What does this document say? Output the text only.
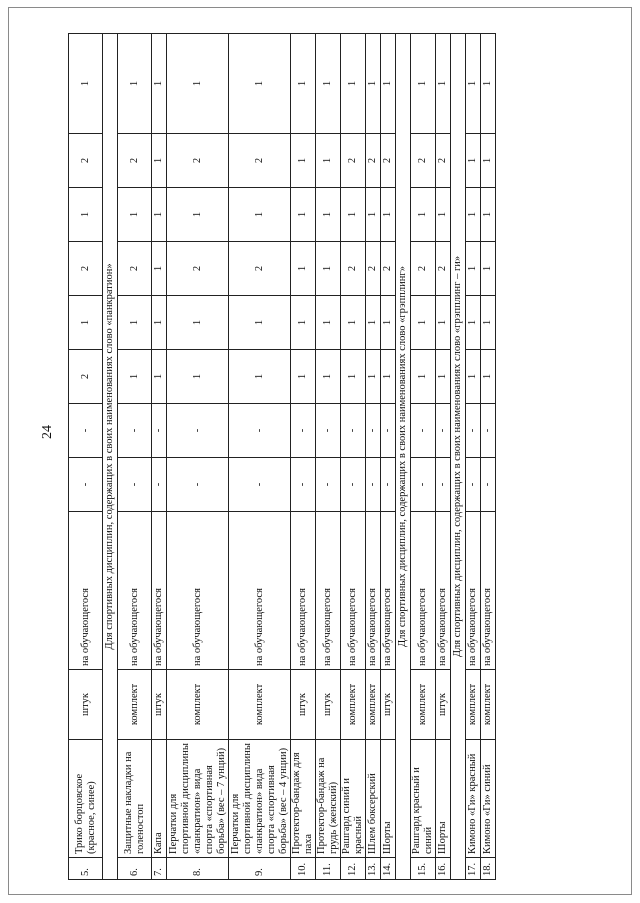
24
5.	Трико борцовское (красное, синее)	штук	на обучающегося	-	-	2	1	2	1	2	1
Для спортивных дисциплин, содержащих в своих наименованиях слово «панкратион»											
6.	Защитные накладки на голеностоп	комплект	на обучающегося	-	-	1	1	2	1	2	1
7.	Капа	штук	на обучающегося	-	-	1	1	1	1	1	1
8.	Перчатки для спортивной дисциплины «панкратион» вида спорта «спортивная борьба» (вес – 7 унций)	комплект	на обучающегося	-	-	1	1	2	1	2	1
9.	Перчатки для спортивной дисциплины «панкратион» вида спорта «спортивная борьба» (вес – 4 унции)	комплект	на обучающегося	-	-	1	1	2	1	2	1
10.	Протектор-бандаж для паха	штук	на обучающегося	-	-	1	1	1	1	1	1
11.	Протектор-бандаж на грудь (женский)	штук	на обучающегося	-	-	1	1	1	1	1	1
12.	Рашгард синий и красный	комплект	на обучающегося	-	-	1	1	2	1	2	1
13.	Шлем боксерский	комплект	на обучающегося	-	-	1	1	2	1	2	1
14.	Шорты	штук	на обучающегося	-	-	1	1	2	1	2	1
Для спортивных дисциплин, содержащих в своих наименованиях слово «грэпплинг»											
15.	Рашгард красный и синий	комплект	на обучающегося	-	-	1	1	2	1	2	1
16.	Шорты	штук	на обучающегося	-	-	1	1	2	1	2	1
Для спортивных дисциплин, содержащих в своих наименованиях слово «грэпплинг – ги»											
17.	Кимоно «Ги» красный	комплект	на обучающегося	-	-	1	1	1	1	1	1
18.	Кимоно «Ги» синий	комплект	на обучающегося	-	-	1	1	1	1	1	1
